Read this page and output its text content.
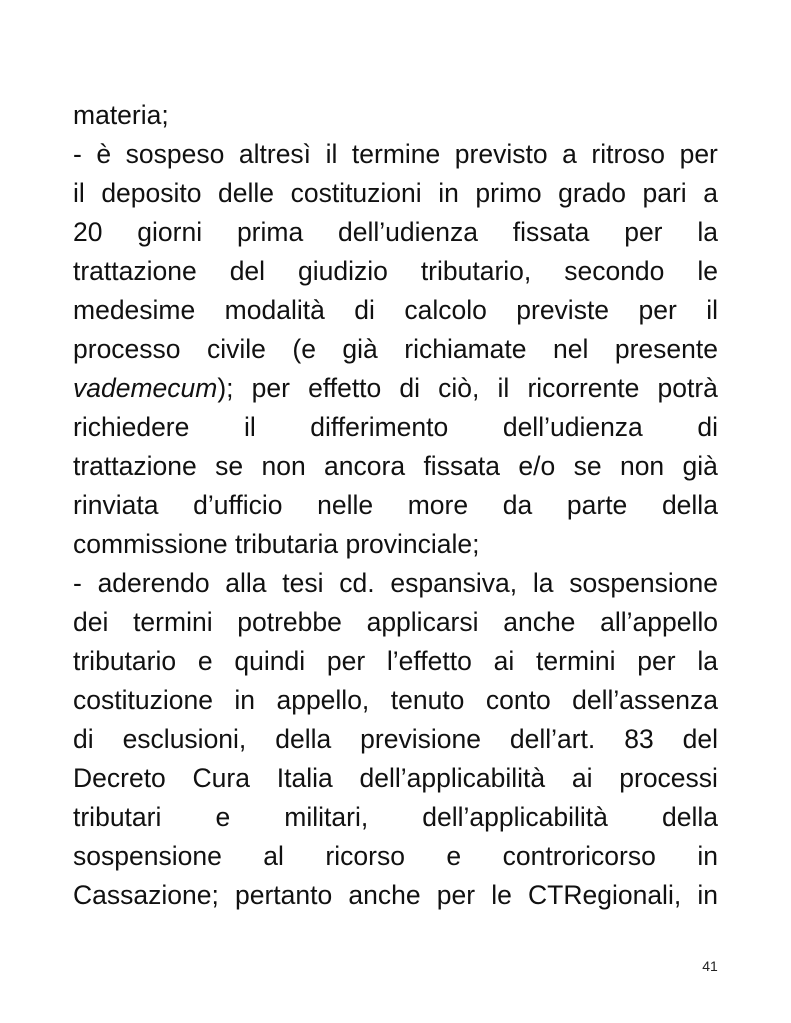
materia;
- è sospeso altresì il termine previsto a ritroso per
il deposito delle costituzioni in primo grado pari a
20 giorni prima dell’udienza fissata per la
trattazione del giudizio tributario, secondo le
medesime modalità di calcolo previste per il
processo civile (e già richiamate nel presente
vademecum); per effetto di ciò, il ricorrente potrà
richiedere il differimento dell’udienza di
trattazione se non ancora fissata e/o se non già
rinviata d’ufficio nelle more da parte della
commissione tributaria provinciale;
- aderendo alla tesi cd. espansiva, la sospensione
dei termini potrebbe applicarsi anche all’appello
tributario e quindi per l’effetto ai termini per la
costituzione in appello, tenuto conto dell’assenza
di esclusioni, della previsione dell’art. 83 del
Decreto Cura Italia dell’applicabilità ai processi
tributari e militari, dell’applicabilità della
sospensione al ricorso e controricorso in
Cassazione; pertanto anche per le CTRegionali, in
41
